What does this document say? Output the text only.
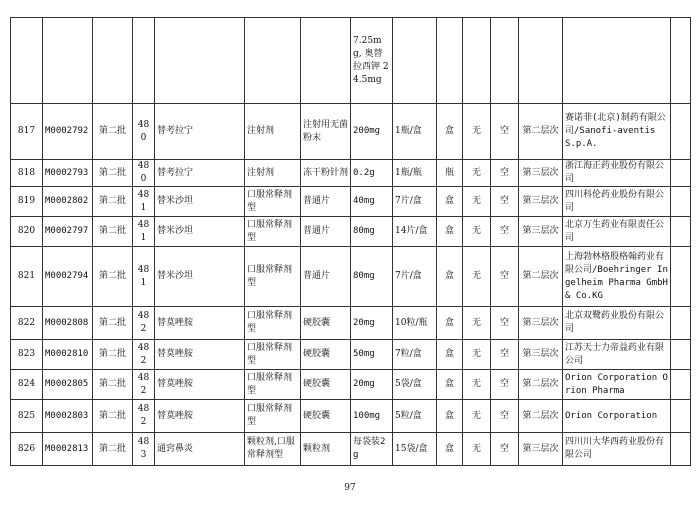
							7.25mg, 奥替拉西钾 24.5mg							
817	M0002792	第二批	480	替考拉宁	注射剂	注射用无菌粉末	200mg	1瓶/盒	盒	无	空	第二层次	赛诺菲(北京)制药有限公司/Sanofi-aventis S.p.A.	
818	M0002793	第二批	480	替考拉宁	注射剂	冻干粉针剂	0.2g	1瓶/瓶	瓶	无	空	第三层次	浙江海正药业股份有限公司	
819	M0002802	第二批	481	替米沙坦	口服常释剂型	普通片	40mg	7片/盒	盒	无	空	第三层次	四川科伦药业股份有限公司	
820	M0002797	第二批	481	替米沙坦	口服常释剂型	普通片	80mg	14片/盒	盒	无	空	第三层次	北京万生药业有限责任公司	
821	M0002794	第二批	481	替米沙坦	口服常释剂型	普通片	80mg	7片/盒	盒	无	空	第二层次	上海勃林格殷格翰药业有限公司/Boehringer Ingelheim Pharma GmbH & Co.KG	
822	M0002808	第二批	482	替莫唑胺	口服常释剂型	硬胶囊	20mg	10粒/瓶	盒	无	空	第三层次	北京双鹭药业股份有限公司	
823	M0002810	第二批	482	替莫唑胺	口服常释剂型	硬胶囊	50mg	7粒/盒	盒	无	空	第三层次	江苏天士力帝益药业有限公司	
824	M0002805	第二批	482	替莫唑胺	口服常释剂型	硬胶囊	20mg	5袋/盒	盒	无	空	第二层次	Orion Corporation Orion Pharma	
825	M0002803	第二批	482	替莫唑胺	口服常释剂型	硬胶囊	100mg	5粒/盒	盒	无	空	第二层次	Orion Corporation	
826	M0002813	第二批	483	通窍鼻炎	颗粒剂,口服常释剂型	颗粒剂	每袋装2g	15袋/盒	盒	无	空	第三层次	四川川大华西药业股份有限公司	
97
